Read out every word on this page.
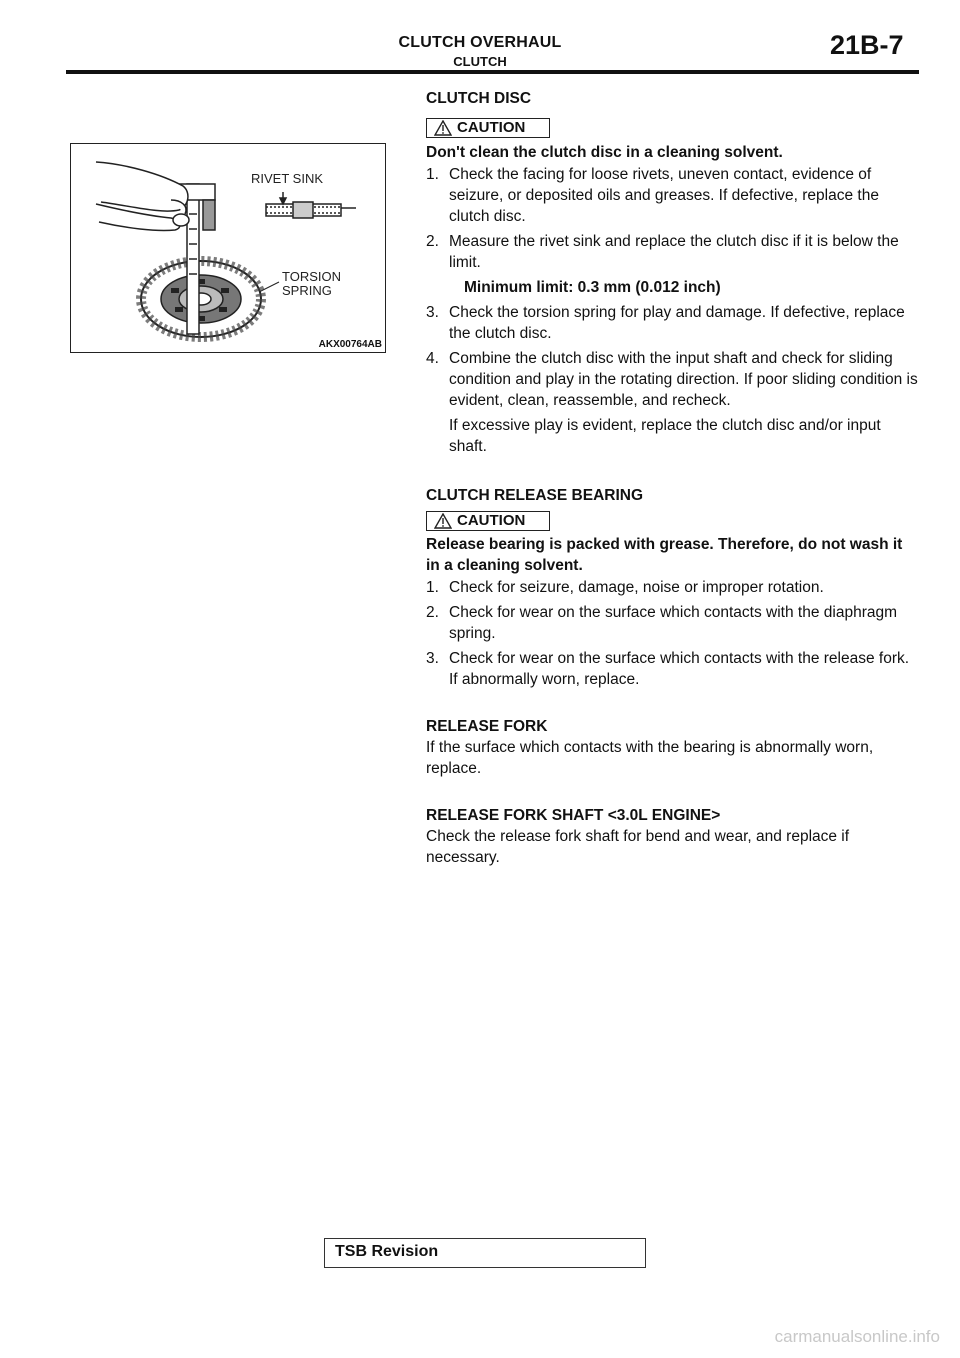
CLUTCH OVERHAUL
CLUTCH
21B-7
RIVET SINK
TORSION
SPRING
AKX00764AB
CLUTCH DISC
CAUTION
Don't clean the clutch disc in a cleaning solvent.

1. Check the facing for loose rivets, uneven contact, evidence of seizure, or deposited oils and greases. If defective, replace the clutch disc.

2. Measure the rivet sink and replace the clutch disc if it is below the limit.

Minimum limit: 0.3 mm (0.012 inch)

3. Check the torsion spring for play and damage. If defective, replace the clutch disc.

4. Combine the clutch disc with the input shaft and check for sliding condition and play in the rotating direction. If poor sliding condition is evident, clean, reassemble, and recheck.

If excessive play is evident, replace the clutch disc and/or input shaft.

CLUTCH RELEASE BEARING
CAUTION
Release bearing is packed with grease. Therefore, do not wash it in a cleaning solvent.

1. Check for seizure, damage, noise or improper rotation.

2. Check for wear on the surface which contacts with the diaphragm spring.

3. Check for wear on the surface which contacts with the release fork. If abnormally worn, replace.

RELEASE FORK
If the surface which contacts with the bearing is abnormally worn, replace.
RELEASE FORK SHAFT <3.0L ENGINE>
Check the release fork shaft for bend and wear, and replace if necessary.
TSB Revision
carmanualsonline.info
